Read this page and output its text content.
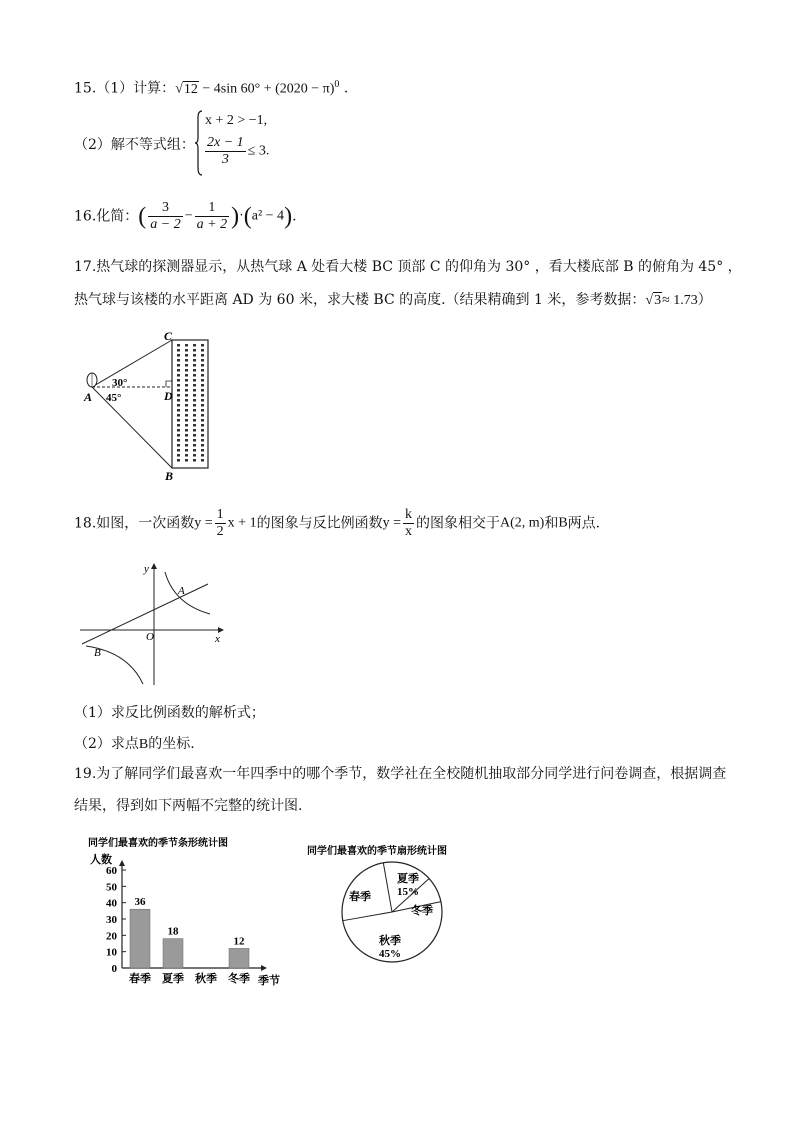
15.（1）计算：√12 − 4sin $60^\circ + (2020 - \pi)^0$ .
（2）解不等式组：
x + 2 > −1,
$\frac{2x - 1}{3} \le 3$.
16.化简：( $\frac{3}{a - 2} - \frac{1}{a + 2} )\cdot(a^2 - 4)$.
17.热气球的探测器显示，从热气球 A 处看大楼 BC 顶部 C 的仰角为 30° ，看大楼底部 B 的俯角为 45° ，
热气球与该楼的水平距离 AD 为 60 米，求大楼 BC 的高度.（结果精确到 1 米，参考数据：√3≈ 1.73）
C
A	D
B
30°
45°
18.如图，一次函数$y = \frac{1}{2}$ x + 1的图象与反比例函数$y = \frac{k}{x}$ 的图象相交于A(2, m)和B两点.
y
x
O
A
B
（1）求反比例函数的解析式；
（2）求点B的坐标.
19.为了解同学们最喜欢一年四季中的哪个季节，数学社在全校随机抽取部分同学进行问卷调查，根据调查
结果，得到如下两幅不完整的统计图.
同学们最喜欢的季节条形统计图
人数
季节
0
10
20
30
40
50
60
春季
36
夏季
18
秋季 冬季
12
同学们最喜欢的季节扇形统计图
春季
夏季
15%
冬季
秋季
45%
